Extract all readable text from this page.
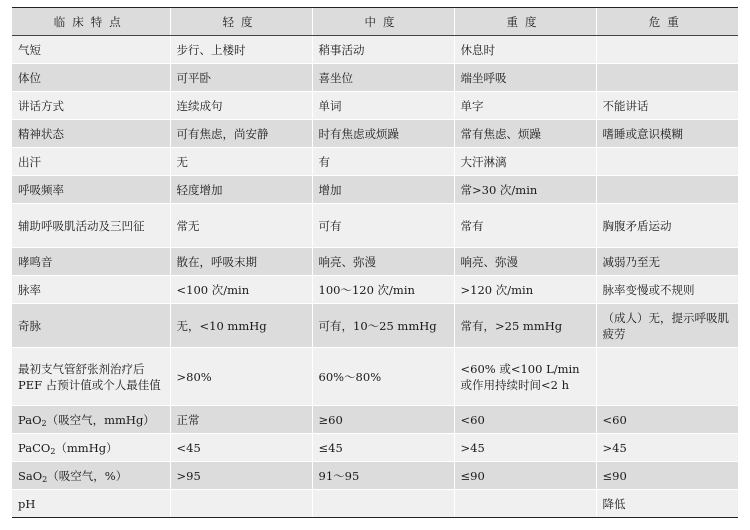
临床特点	轻度	中度	重度	危重
气短	步行、上楼时	稍事活动	休息时	
体位	可平卧	喜坐位	端坐呼吸	
讲话方式	连续成句	单词	单字	不能讲话
精神状态	可有焦虑，尚安静	时有焦虑或烦躁	常有焦虑、烦躁	嗜睡或意识模糊
出汗	无	有	大汗淋漓	
呼吸频率	轻度增加	增加	常>30 次/min	
辅助呼吸肌活动及三凹征	常无	可有	常有	胸腹矛盾运动
哮鸣音	散在，呼吸末期	响亮、弥漫	响亮、弥漫	减弱乃至无
脉率	<100 次/min	100～120 次/min	>120 次/min	脉率变慢或不规则
奇脉	无，<10 mmHg	可有，10～25 mmHg	常有，>25 mmHg	（成人）无，提示呼吸肌疲劳
最初支气管舒张剂治疗后 PEF 占预计值或个人最佳值	>80%	60%～80%	<60% 或<100 L/min 或作用持续时间<2 h	
PaO$_2$（吸空气，mmHg）	正常	≥60	<60	<60
PaCO$_2$（mmHg）	<45	≤45	>45	>45
SaO$_2$（吸空气，%）	>95	91～95	≤90	≤90
pH				降低
